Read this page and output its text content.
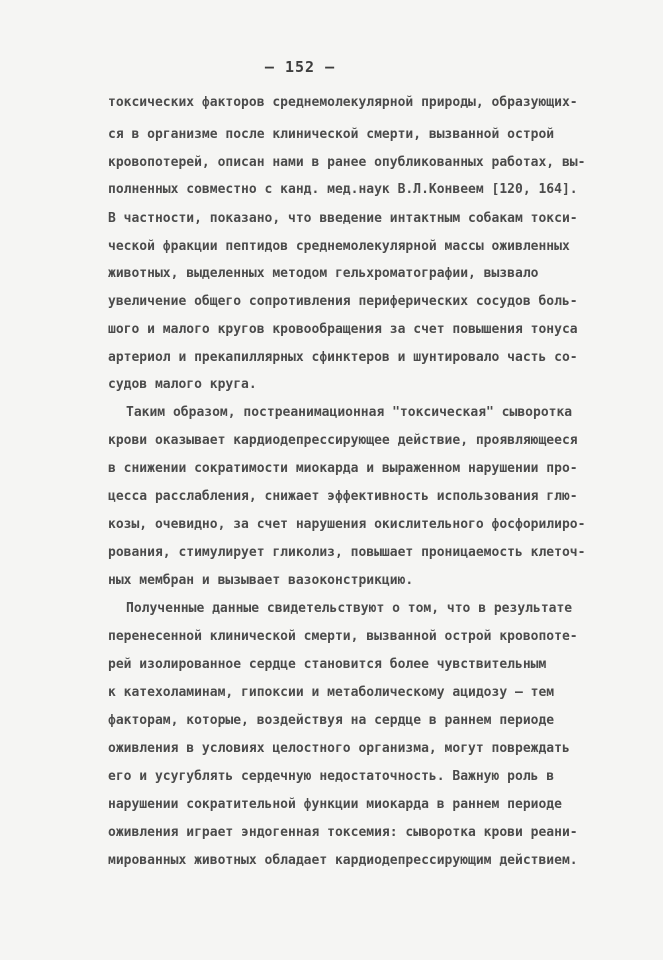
– 152 –
токсических факторов среднемолекулярной природы, образующих-
ся в организме после клинической смерти, вызванной острой
кровопотерей, описан нами в ранее опубликованных работах, вы-
полненных совместно с канд. мед.наук В.Л.Конвеем [120, 164].
В частности, показано, что введение интактным собакам токси-
ческой фракции пептидов среднемолекулярной массы оживленных
животных, выделенных методом гельхроматографии, вызвало
увеличение общего сопротивления периферических сосудов боль-
шого и малого кругов кровообращения за счет повышения тонуса
артериол и прекапиллярных сфинктеров и шунтировало часть со-
судов малого круга.
Таким образом, постреанимационная "токсическая" сыворотка
крови оказывает кардиодепрессирующее действие, проявляющееся
в снижении сократимости миокарда и выраженном нарушении про-
цесса расслабления, снижает эффективность использования глю-
козы, очевидно, за счет нарушения окислительного фосфорилиро-
рования, стимулирует гликолиз, повышает проницаемость клеточ-
ных мембран и вызывает вазоконстрикцию.
Полученные данные свидетельствуют о том, что в результате
перенесенной клинической смерти, вызванной острой кровопоте-
рей изолированное сердце становится более чувствительным
к катехоламинам, гипоксии и метаболическому ацидозу – тем
факторам, которые, воздействуя на сердце в раннем периоде
оживления в условиях целостного организма, могут повреждать
его и усугублять сердечную недостаточность. Важную роль в
нарушении сократительной функции миокарда в раннем периоде
оживления играет эндогенная токсемия: сыворотка крови реани-
мированных животных обладает кардиодепрессирующим действием.
